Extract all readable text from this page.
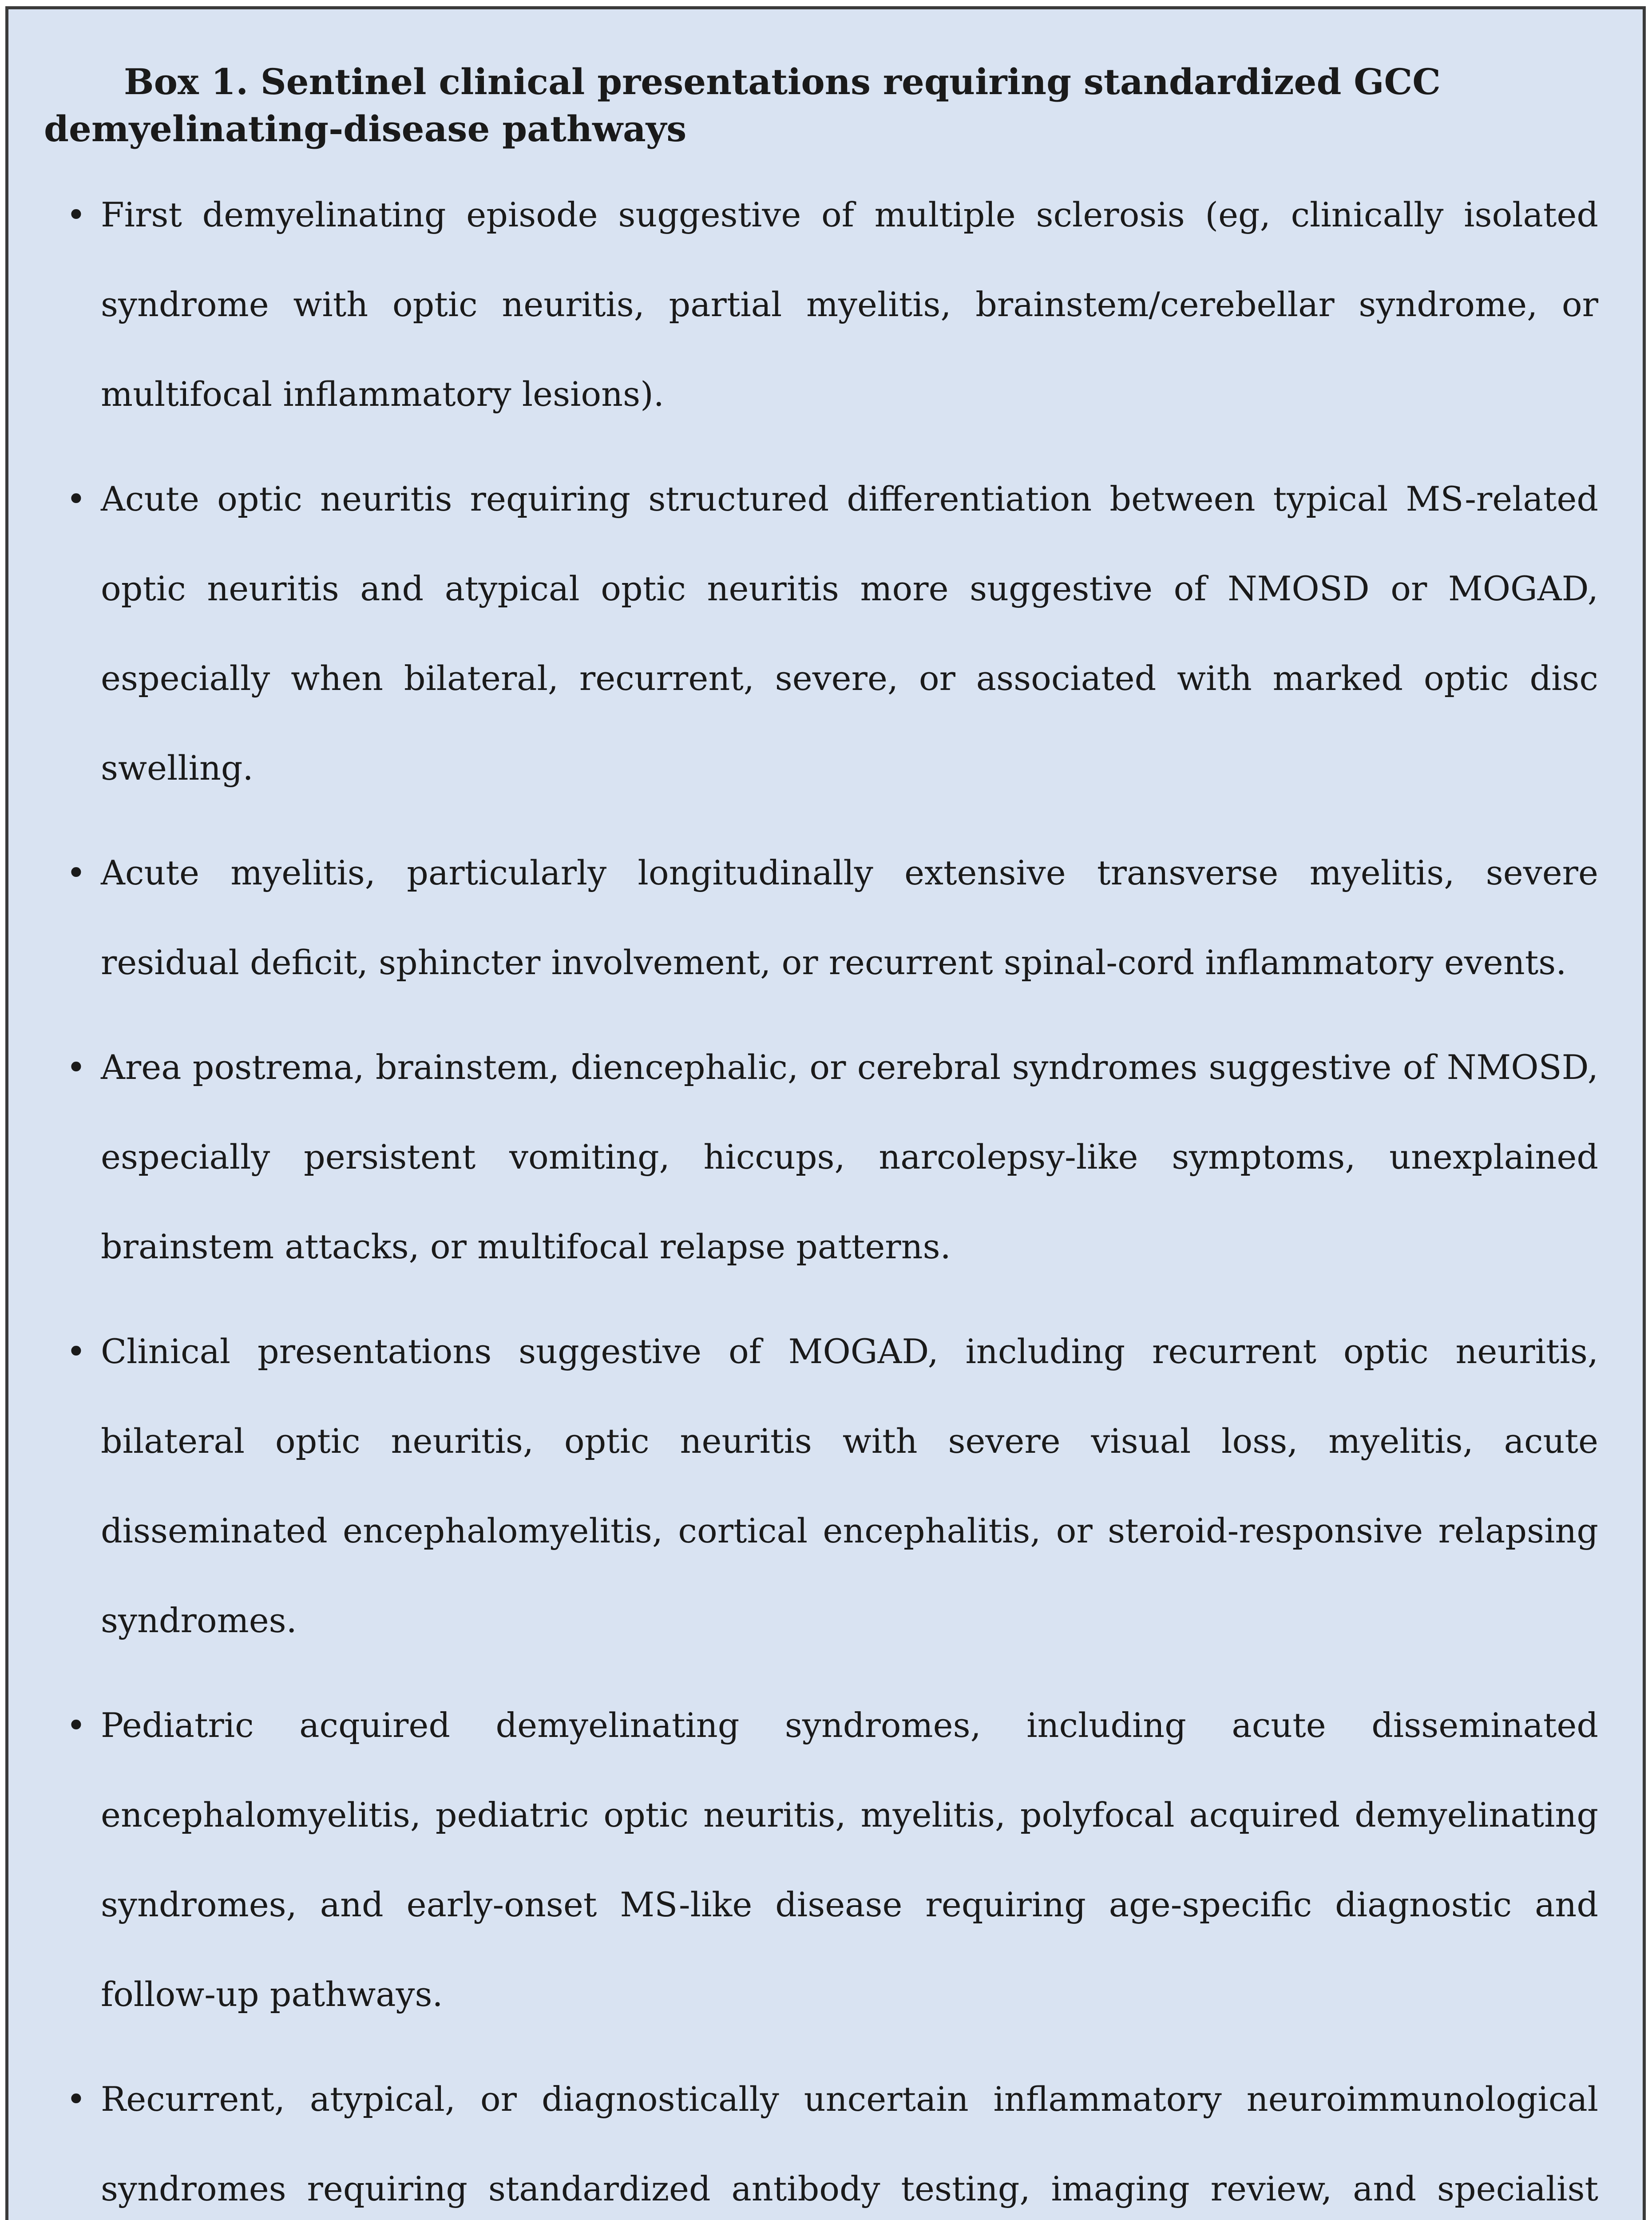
Box 1. Sentinel clinical presentations requiring standardized GCC demyelinating-disease pathways

• First demyelinating episode suggestive of multiple sclerosis (eg, clinically isolated syndrome with optic neuritis, partial myelitis, brainstem/cerebellar syndrome, or multifocal inflammatory lesions).
• Acute optic neuritis requiring structured differentiation between typical MS-related optic neuritis and atypical optic neuritis more suggestive of NMOSD or MOGAD, especially when bilateral, recurrent, severe, or associated with marked optic disc swelling.
• Acute myelitis, particularly longitudinally extensive transverse myelitis, severe residual deficit, sphincter involvement, or recurrent spinal-cord inflammatory events.
• Area postrema, brainstem, diencephalic, or cerebral syndromes suggestive of NMOSD, especially persistent vomiting, hiccups, narcolepsy-like symptoms, unexplained brainstem attacks, or multifocal relapse patterns.
• Clinical presentations suggestive of MOGAD, including recurrent optic neuritis, bilateral optic neuritis, optic neuritis with severe visual loss, myelitis, acute disseminated encephalomyelitis, cortical encephalitis, or steroid-responsive relapsing syndromes.
• Pediatric acquired demyelinating syndromes, including acute disseminated encephalomyelitis, pediatric optic neuritis, myelitis, polyfocal acquired demyelinating syndromes, and early-onset MS-like disease requiring age-specific diagnostic and follow-up pathways.
• Recurrent, atypical, or diagnostically uncertain inflammatory neuroimmunological syndromes requiring standardized antibody testing, imaging review, and specialist
